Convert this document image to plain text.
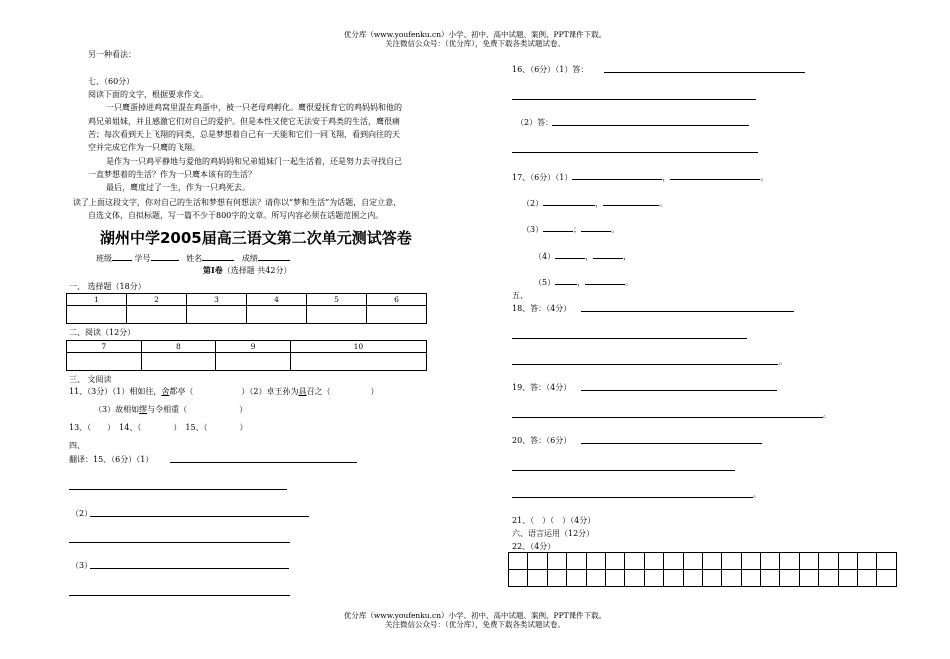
优分库（www.youfenku.cn）小学、初中、高中试题、案例、PPT课件下载。
关注微信公众号：（优分库），免费下载各类试题试卷。
另一种看法：
七、（60分）
阅读下面的文字，根据要求作文。
一只鹰蛋掉进鸡窝里混在鸡蛋中，被一只老母鸡孵化。鹰很爱抚育它的鸡妈妈和他的
鸡兄弟姐妹，并且感激它们对自己的爱护。但是本性又使它无法安于鸡类的生活，鹰很痛
苦；每次看到天上飞翔的同类，总是梦想着自己有一天能和它们一同飞翔，看到向往的天
空并完成它作为一只鹰的飞翔。
是作为一只鸡平静地与爱他的鸡妈妈和兄弟姐妹门一起生活着，还是努力去寻找自己
一直梦想着的生活？作为一只鹰本该有的生活？
最后，鹰度过了一生，作为一只鸡死去。
读了上面这段文字，你对自己的生活和梦想有何想法？请你以“梦和生活”为话题，自定立意，
自选文体，自拟标题，写一篇不少于800字的文章。所写内容必须在话题范围之内。
湖州中学2005届高三语文第二次单元测试答卷
班级	学号	姓名	成绩
第Ⅰ卷（选择题 共42分）
一、 选择题（18分）
1	2	3	4	5	6

二、阅读（12分）
7	8	9	10

三、 文阅读
11、（3分）（1）相如往，舍都亭（	）（2）卓王孙为具召之（	）
（3）故相如缪与令相重（	）
13、（　　）　14、（　　　　）　15、（　　　　）
四、
翻译：15、（6分）（1）
（2）
（3）
16、（6分）（1）答：
（2）答：
17、（6分）（1）	，	。
（2）	，	。
（3）	；	。
（4）	，	，
（5）	，	。
五、
18、答：（4分）
。
19、答：（4分）
。
20、答：（6分）
。
21、（　）（　）（4分）
六、语言运用（12分）
22、（4分）

优分库（www.youfenku.cn）小学、初中、高中试题、案例、PPT课件下载。
关注微信公众号：（优分库），免费下载各类试题试卷。
